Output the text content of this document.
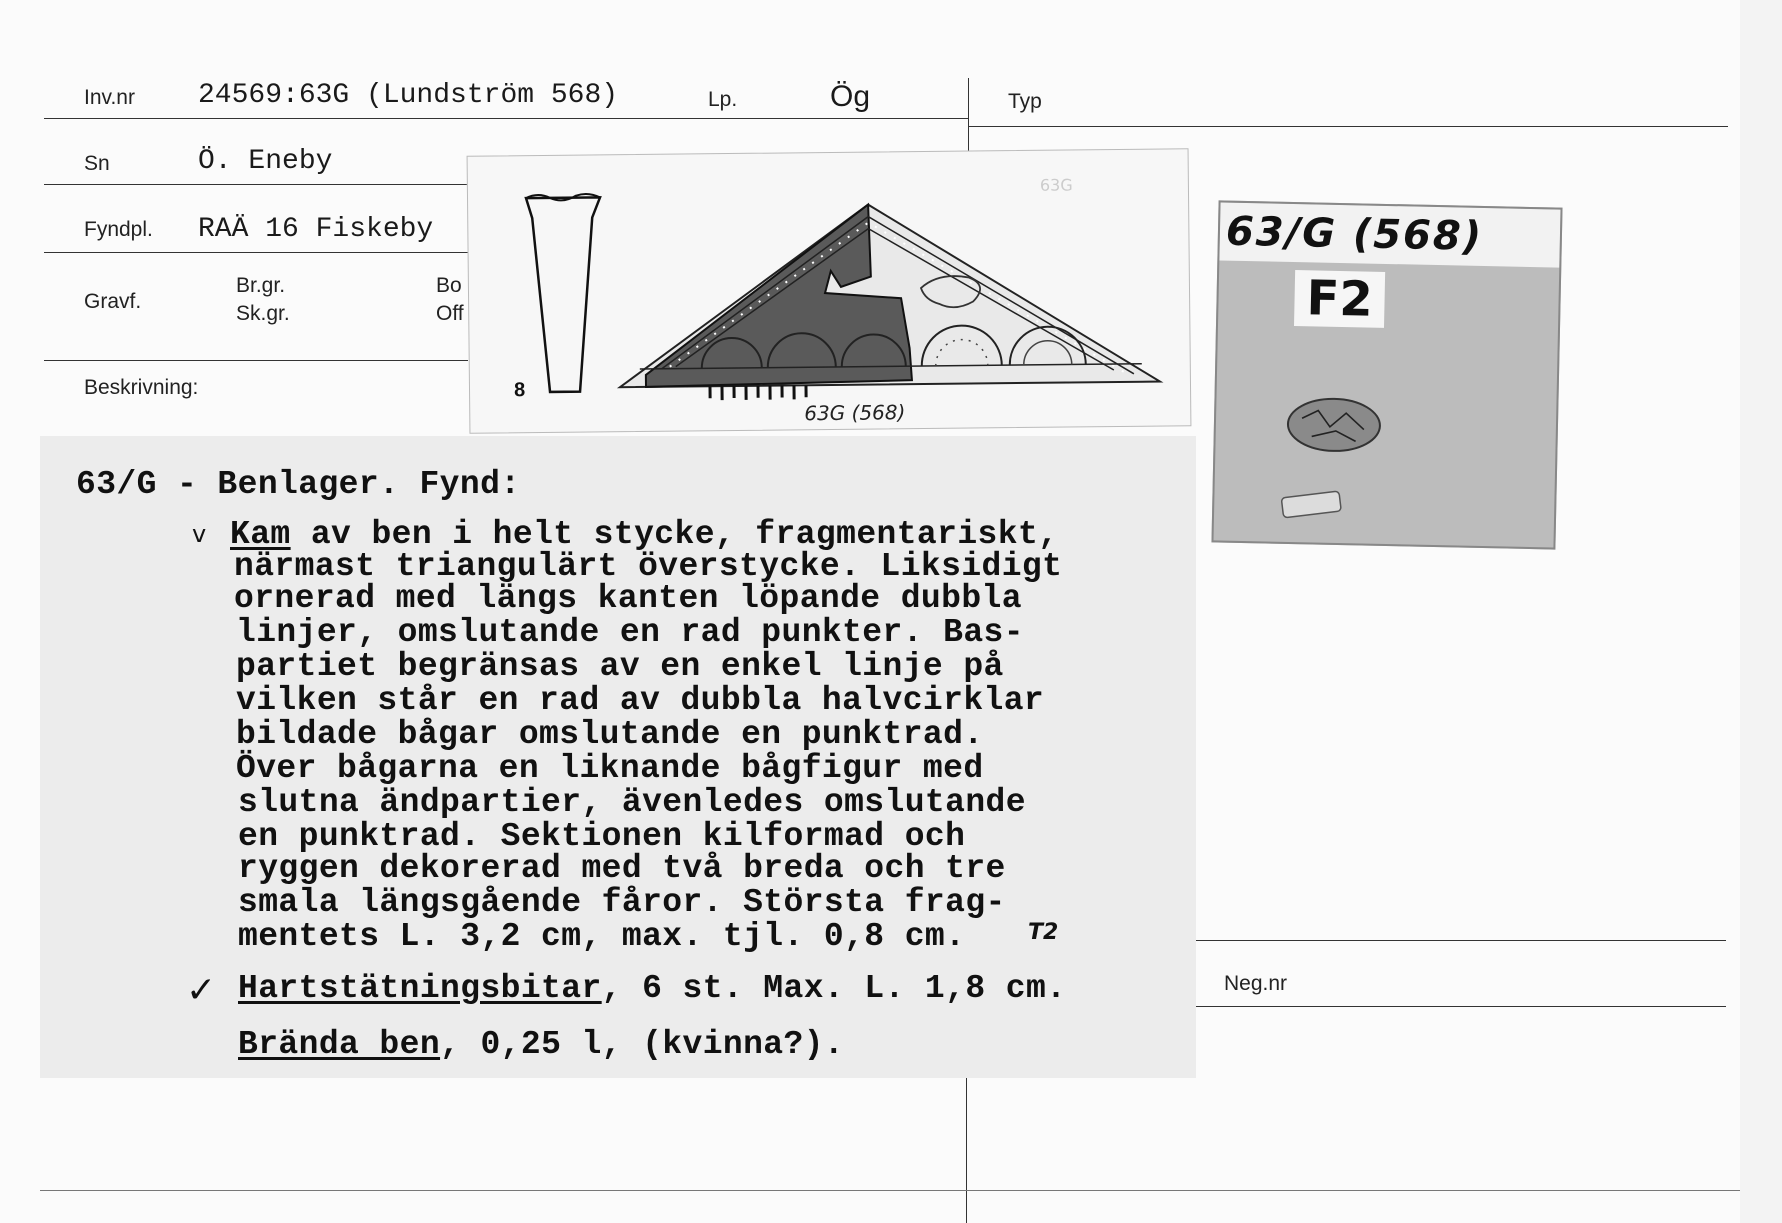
Inv.nr 24569:63G (Lundström 568)	Lp.	Ög	Typ
Sn	Ö. Eneby
Fyndpl. RAÄ 16 Fiskeby
Gravf.
Br.gr.
Sk.gr.
Bo
Off
Beskrivning:
Neg.nr
8
63G
63G (568)
63/G (568)
F2
63/G - Benlager. Fynd:
v Kam av ben i helt stycke, fragmentariskt,
närmast triangulärt överstycke. Liksidigt
ornerad med längs kanten löpande dubbla
linjer, omslutande en rad punkter. Bas-
partiet begränsas av en enkel linje på
vilken står en rad av dubbla halvcirklar
bildade bågar omslutande en punktrad.
Över bågarna en liknande bågfigur med
slutna ändpartier, ävenledes omslutande
en punktrad. Sektionen kilformad och
ryggen dekorerad med två breda och tre
smala längsgående fåror. Största frag-
mentets L. 3,2 cm, max. tjl. 0,8 cm.	T2
✓ Hartstätningsbitar, 6 st. Max. L. 1,8 cm.
Brända ben, 0,25 l, (kvinna?).
